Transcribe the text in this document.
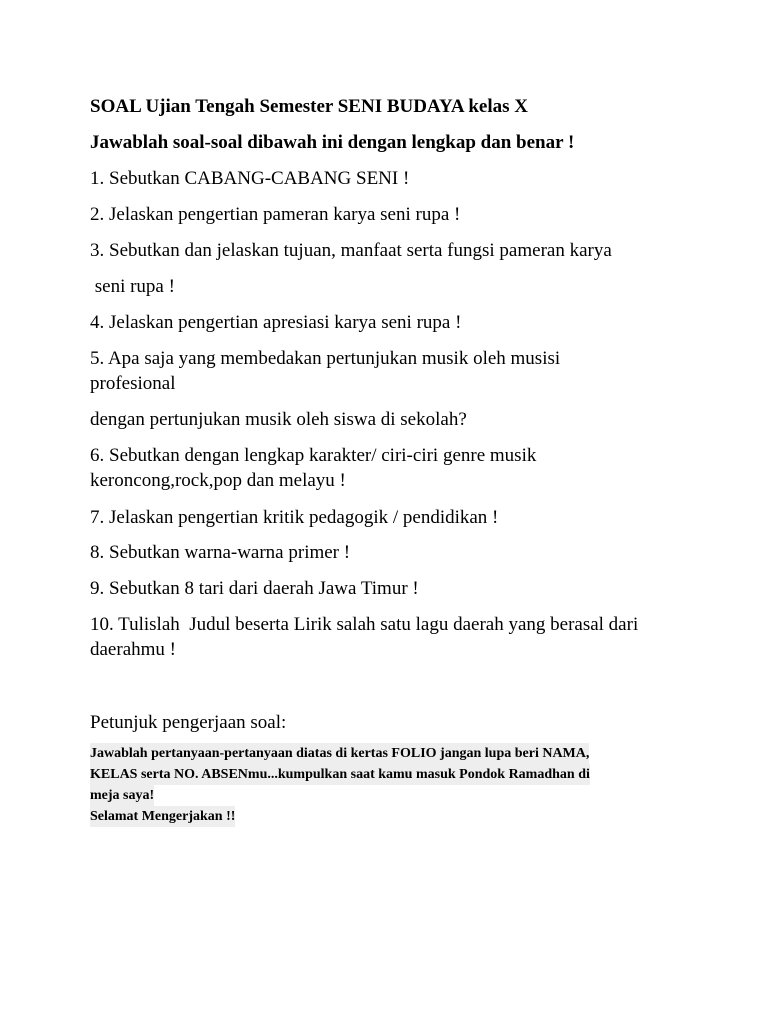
SOAL Ujian Tengah Semester SENI BUDAYA kelas X
Jawablah soal-soal dibawah ini dengan lengkap dan benar !
1. Sebutkan CABANG-CABANG SENI !
2. Jelaskan pengertian pameran karya seni rupa !
3. Sebutkan dan jelaskan tujuan, manfaat serta fungsi pameran karya
seni rupa !
4. Jelaskan pengertian apresiasi karya seni rupa !
5. Apa saja yang membedakan pertunjukan musik oleh musisi
profesional
dengan pertunjukan musik oleh siswa di sekolah?
6. Sebutkan dengan lengkap karakter/ ciri-ciri genre musik
keroncong,rock,pop dan melayu !
7. Jelaskan pengertian kritik pedagogik / pendidikan !
8. Sebutkan warna-warna primer !
9. Sebutkan 8 tari dari daerah Jawa Timur !
10. Tulislah  Judul beserta Lirik salah satu lagu daerah yang berasal dari
daerahmu !
Petunjuk pengerjaan soal:
Jawablah pertanyaan-pertanyaan diatas di kertas FOLIO jangan lupa beri NAMA,
KELAS serta NO. ABSENmu...kumpulkan saat kamu masuk Pondok Ramadhan di
meja saya!
Selamat Mengerjakan !!
